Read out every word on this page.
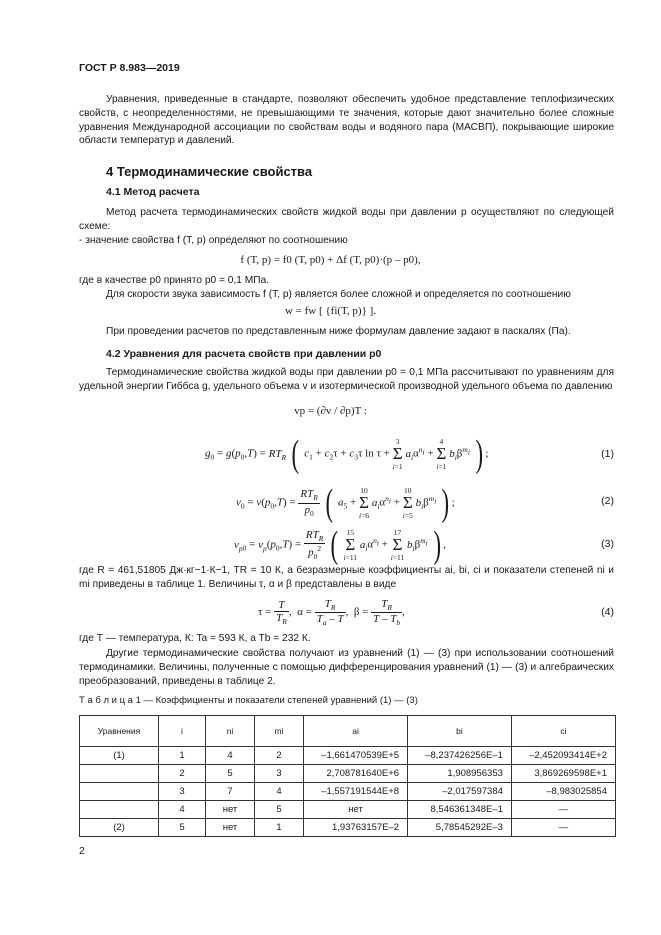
ГОСТ Р 8.983—2019
Уравнения, приведенные в стандарте, позволяют обеспечить удобное представление теплофизических свойств, с неопределенностями, не превышающими те значения, которые дают значительно более сложные уравнения Международной ассоциации по свойствам воды и водяного пара (МАСВП), покрывающие широкие области температур и давлений.
4 Термодинамические свойства
4.1 Метод расчета
Метод расчета термодинамических свойств жидкой воды при давлении p осуществляют по следующей схеме:
- значение свойства f (T, p) определяют по соотношению
f (T, p) = f0 (T, p0) + Δf (T, p0)·(p – p0),
где в качестве p0 принято p0 = 0,1 МПа.
Для скорости звука зависимость f (T, p) является более сложной и определяется по соотношению
w = fw [ {fi(T, p)} ].
При проведении расчетов по представленным ниже формулам давление задают в паскалях (Па).
4.2 Уравнения для расчета свойств при давлении p0
Термодинамические свойства жидкой воды при давлении p0 = 0,1 МПа рассчитывают по уравнениям для удельной энергии Гиббса g, удельного объема v и изотермической производной удельного объема по давлению
vp = (∂v / ∂p)T :
$g_0 = g(p_0,T) = RT_R$ ( $c_1 + c_2\tau + c_3\tau$ ln τ +
3
Σ
i=1
$a_i\alpha^{n_i}$ +
4
Σ
i=1
$b_i\beta^{m_i}$ ) ;	(1)
$v_0 = v(p_0,T) = \frac{RT_R}{p_0}$ ( $a_5$ +
10
Σ
i=6
$a_i\alpha^{n_i}$ +
10
Σ
i=5
$b_i\beta^{m_i}$ ) ;	(2)
$v_{p0} = v_p(p_0,T) = \frac{RT_R}{p_0^2}$ (	15
Σ
i=11
$a_i\alpha^{n_i}$ +
17
Σ
i=11
$b_i\beta^{m_i}$ ) ,	(3)
где R = 461,51805 Дж·кг−1·К−1, TR = 10 К, а безразмерные коэффициенты ai, bi, ci и показатели степеней ni и mi приведены в таблице 1. Величины τ, α и β представлены в виде
$\tau = \frac{T}{T_R}$ ,  $\alpha = \frac{T_R}{T_a - T}$ ,  $\beta = \frac{T_R}{T - T_b}$ ,	(4)
где T — температура, К: Ta = 593 К, a Tb = 232 К.
Другие термодинамические свойства получают из уравнений (1) — (3) при использовании соотношений термодинамики. Величины, полученные с помощью дифференцирования уравнений (1) — (3) и алгебраических преобразований, приведены в таблице 2.
Т а б л и ц а 1 — Коэффициенты и показатели степеней уравнений (1) — (3)
Уравнения	i	ni	mi	ai	bi	ci
(1)	1	4	2	–1,661470539E+5	–8,237426256E–1	–2,452093414E+2
	2	5	3	2,708781640E+6	1,908956353	3,869269598E+1
	3	7	4	–1,557191544E+8	–2,017597384	–8,983025854
	4	нет	5	нет	8,546361348E–1	—
(2)	5	нет	1	1,93763157E–2	5,78545292E–3	—
2
